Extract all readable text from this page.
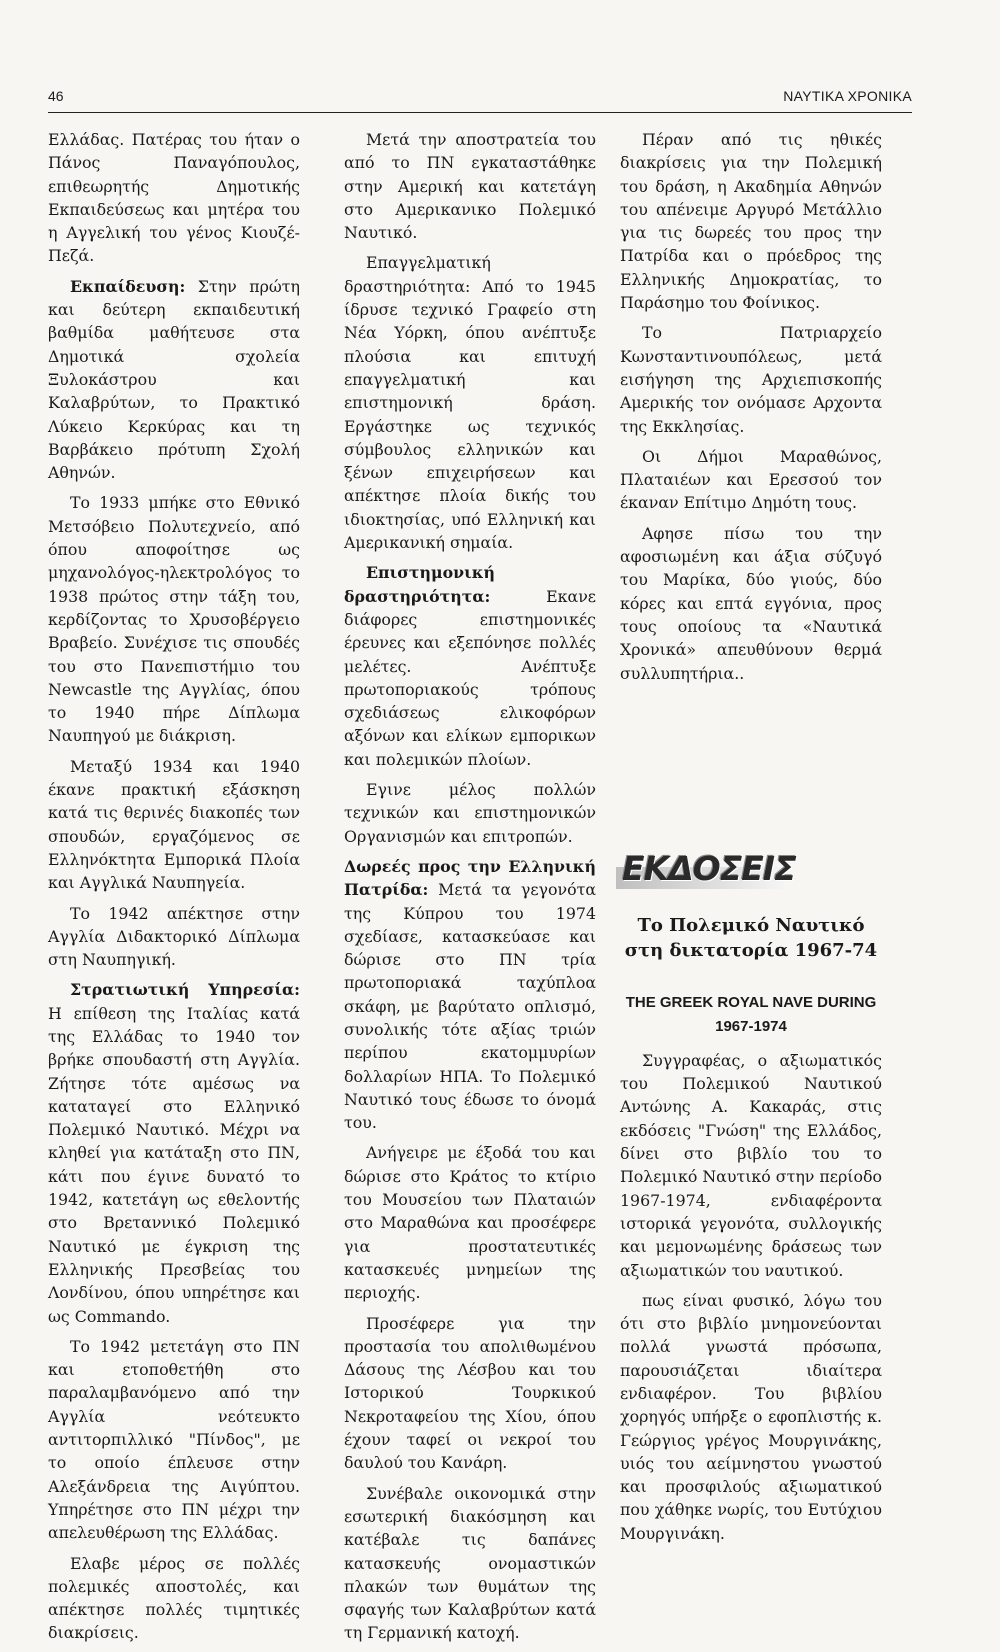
46	ΝΑΥΤΙΚΑ ΧΡΟΝΙΚΑ

Ελλάδας. Πατέρας του ήταν ο Πάνος Παναγόπουλος, επιθεωρητής Δημοτικής Εκπαιδεύσεως και μητέρα του η Αγγελική του γένος Κιουζέ- Πεζά.

Εκπαίδευση: Στην πρώτη και δεύτερη εκπαιδευτική βαθμίδα μαθήτευσε στα Δημοτικά σχολεία Ξυλοκάστρου και Καλαβρύτων, το Πρακτικό Λύκειο Κερκύρας και τη Βαρβάκειο πρότυπη Σχολή Αθηνών.

Το 1933 μπήκε στο Εθνικό Μετσόβειο Πολυτεχνείο, από όπου αποφοίτησε ως μηχανολόγος-ηλεκτρολόγος το 1938 πρώτος στην τάξη του, κερδίζοντας το Χρυσοβέργειο Βραβείο. Συνέχισε τις σπουδές του στο Πανεπιστήμιο του Newcastle της Αγγλίας, όπου το 1940 πήρε Δίπλωμα Ναυπηγού με διάκριση.

Μεταξύ 1934 και 1940 έκανε πρακτική εξάσκηση κατά τις θερινές διακοπές των σπουδών, εργαζόμενος σε Ελληνόκτητα Εμπορικά Πλοία και Αγγλικά Ναυπηγεία.

Το 1942 απέκτησε στην Αγγλία Διδακτορικό Δίπλωμα στη Ναυπηγική.

Στρατιωτική Υπηρεσία: Η επίθεση της Ιταλίας κατά της Ελλάδας το 1940 τον βρήκε σπουδαστή στη Αγγλία. Ζήτησε τότε αμέσως να καταταγεί στο Ελληνικό Πολεμικό Ναυτικό. Μέχρι να κληθεί για κατάταξη στο ΠΝ, κάτι που έγινε δυνατό το 1942, κατετάγη ως εθελοντής στο Βρεταννικό Πολεμικό Ναυτικό με έγκριση της Ελληνικής Πρεσβείας του Λονδίνου, όπου υπηρέτησε και ως Commando.

Το 1942 μετετάγη στο ΠΝ και ετοποθετήθη στο παραλαμβανόμενο από την Αγγλία νεότευκτο αντιτορπιλλικό "Πίνδος", με το οποίο έπλευσε στην Αλεξάνδρεια της Αιγύπτου. Υπηρέτησε στο ΠΝ μέχρι την απελευθέρωση της Ελλάδας.

Ελαβε μέρος σε πολλές πολεμικές αποστολές, και απέκτησε πολλές τιμητικές διακρίσεις.

Μετά την αποστρατεία του από το ΠΝ εγκαταστάθηκε στην Αμερική και κατετάγη στο Αμερικανικο Πολεμικό Ναυτικό.

Επαγγελματική δραστηριότητα: Από το 1945 ίδρυσε τεχνικό Γραφείο στη Νέα Υόρκη, όπου ανέπτυξε πλούσια και επιτυχή επαγγελματική και επιστημονική δράση. Εργάστηκε ως τεχνικός σύμβουλος ελληνικών και ξένων επιχειρήσεων και απέκτησε πλοία δικής του ιδιοκτησίας, υπό Ελληνική και Αμερικανική σημαία.

Επιστημονική δραστηριότητα: Εκανε διάφορες επιστημονικές έρευνες και εξεπόνησε πολλές μελέτες. Ανέπτυξε πρωτοποριακούς τρόπους σχεδιάσεως ελικοφόρων αξόνων και ελίκων εμπορικων και πολεμικών πλοίων.

Εγινε μέλος πολλών τεχνικών και επιστημονικών Οργανισμών και επιτροπών.

Δωρεές προς την Ελληνική Πατρίδα: Μετά τα γεγονότα της Κύπρου του 1974 σχεδίασε, κατασκεύασε και δώρισε στο ΠΝ τρία πρωτοποριακά ταχύπλοα σκάφη, με βαρύτατο οπλισμό, συνολικής τότε αξίας τριών περίπου εκατομμυρίων δολλαρίων ΗΠΑ. Το Πολεμικό Ναυτικό τους έδωσε το όνομά του.

Ανήγειρε με έξοδά του και δώρισε στο Κράτος το κτίριο του Μουσείου των Πλαταιών στο Μαραθώνα και προσέφερε για προστατευτικές κατασκευές μνημείων της περιοχής.

Προσέφερε για την προστασία του απολιθωμένου Δάσους της Λέσβου και του Ιστορικού Τουρκικού Νεκροταφείου της Χίου, όπου έχουν ταφεί οι νεκροί του δαυλού του Κανάρη.

Συνέβαλε οικονομικά στην εσωτερική διακόσμηση και κατέβαλε τις δαπάνες κατασκευής ονομαστικών πλακών των θυμάτων της σφαγής των Καλαβρύτων κατά τη Γερμανική κατοχή.

Πέραν από τις ηθικές διακρίσεις για την Πολεμική του δράση, η Ακαδημία Αθηνών του απένειμε Αργυρό Μετάλλιο για τις δωρεές του προς την Πατρίδα και ο πρόεδρος της Ελληνικής Δημοκρατίας, το Παράσημο του Φοίνικος.

Το Πατριαρχείο Κωνσταντινουπόλεως, μετά εισήγηση της Αρχιεπισκοπής Αμερικής τον ονόμασε Αρχοντα της Εκκλησίας.

Οι Δήμοι Μαραθώνος, Πλαταιέων και Ερεσσού τον έκαναν Επίτιμο Δημότη τους.

Αφησε πίσω του την αφοσιωμένη και άξια σύζυγό του Μαρίκα, δύο γιούς, δύο κόρες και επτά εγγόνια, προς τους οποίους τα «Ναυτικά Χρονικά» απευθύνουν θερμά συλλυπητήρια..

ΕΚΔΟΣΕΙΣ
Το Πολεμικό Ναυτικό στη δικτατορία 1967-74
THE GREEK ROYAL NAVE DURING 1967-1974

Συγγραφέας, ο αξιωματικός του Πολεμικού Ναυτικού Αντώνης Α. Κακαράς, στις εκδόσεις "Γνώση" της Ελλάδος, δίνει στο βιβλίο του το Πολεμικό Ναυτικό στην περίοδο 1967-1974, ενδιαφέροντα ιστορικά γεγονότα, συλλογικής και μεμονωμένης δράσεως των αξιωματικών του ναυτικού.

πως είναι φυσικό, λόγω του ότι στο βιβλίο μνημονεύονται πολλά γνωστά πρόσωπα, παρουσιάζεται ιδιαίτερα ενδιαφέρον. Του βιβλίου χορηγός υπήρξε ο εφοπλιστής κ. Γεώργιος γρέγος Μουργινάκης, υιός του αείμνηστου γνωστού και προσφιλούς αξιωματικού που χάθηκε νωρίς, του Ευτύχιου Μουργινάκη.
